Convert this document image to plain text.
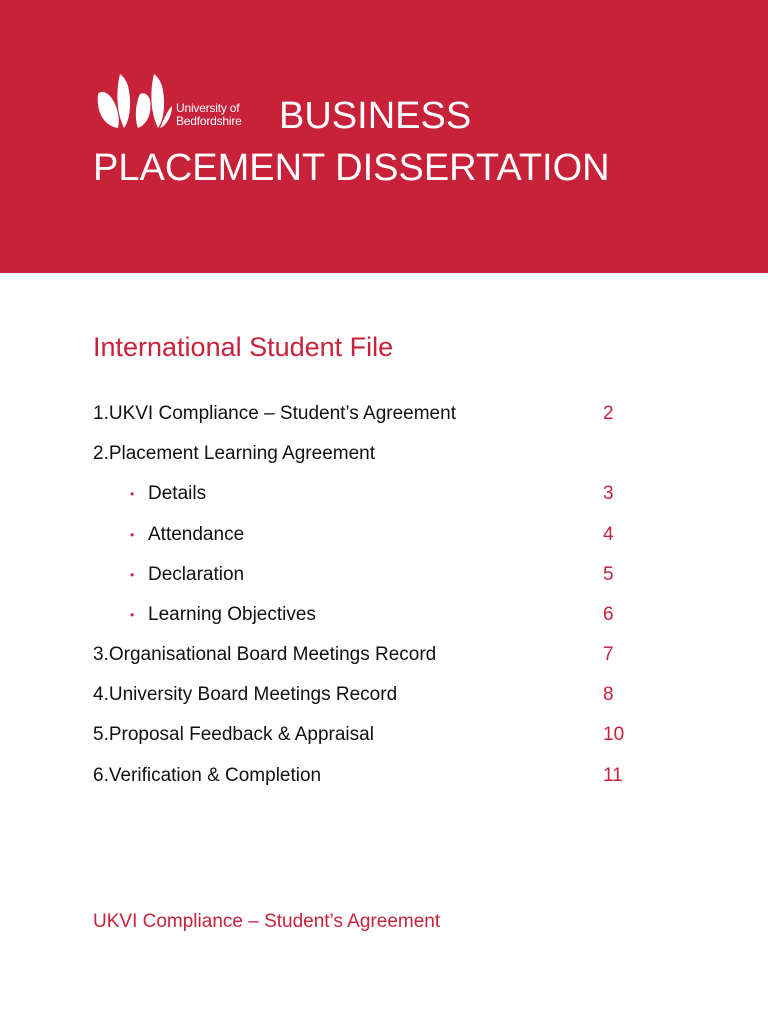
University of
Bedfordshire BUSINESS
PLACEMENT DISSERTATION
International Student File
1.UKVI Compliance – Student’s Agreement	2
2.Placement Learning Agreement
• Details	3
• Attendance	4
• Declaration	5
• Learning Objectives	6
3.Organisational Board Meetings Record	7
4.University Board Meetings Record	8
5.Proposal Feedback & Appraisal	10
6.Verification & Completion	11
UKVI Compliance – Student’s Agreement
